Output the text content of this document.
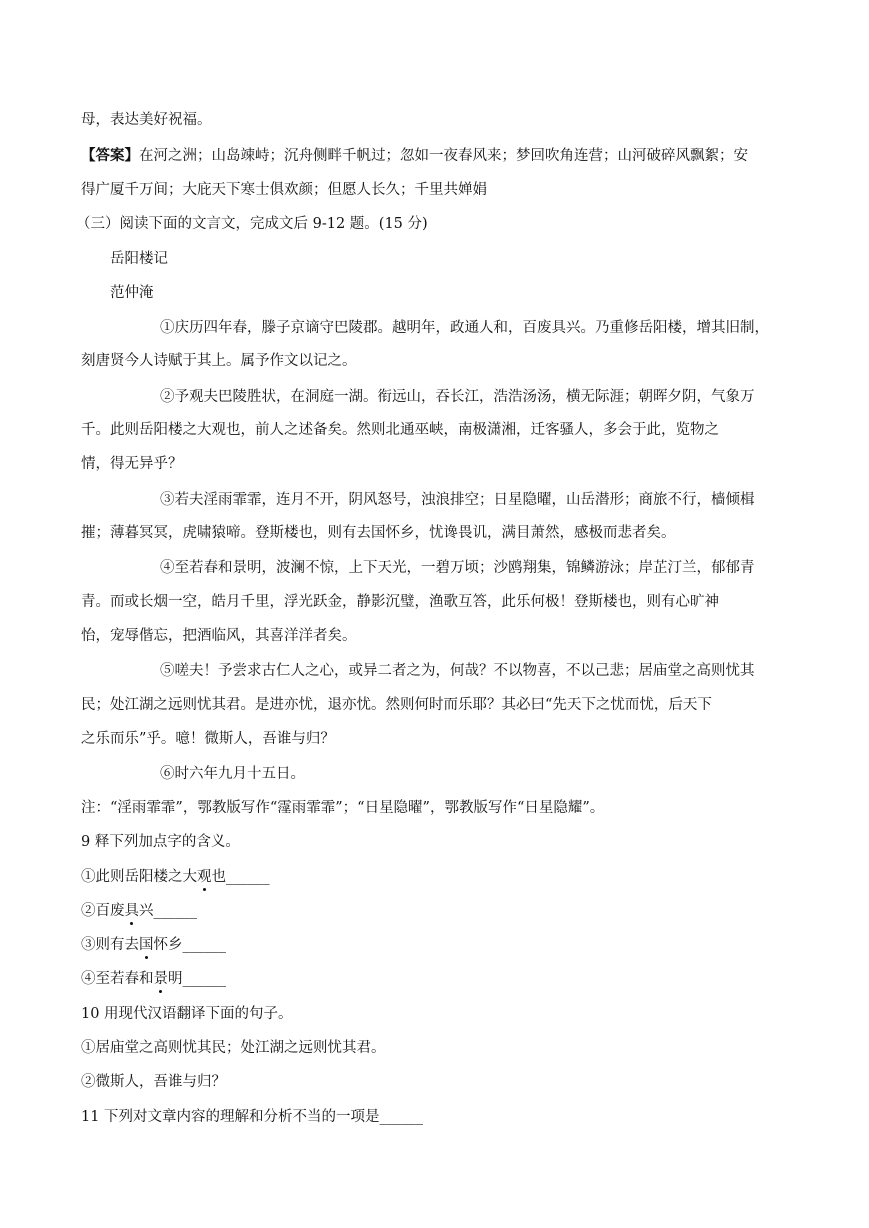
母，表达美好祝福。
【答案】在河之洲；山岛竦峙；沉舟侧畔千帆过；忽如一夜春风来；梦回吹角连营；山河破碎风飘絮；安
得广厦千万间；大庇天下寒士俱欢颜；但愿人长久；千里共婵娟
（三）阅读下面的文言文，完成文后 9-12 题。(15 分)
岳阳楼记
范仲淹
①庆历四年春，滕子京谪守巴陵郡。越明年，政通人和，百废具兴。乃重修岳阳楼，增其旧制，
刻唐贤今人诗赋于其上。属予作文以记之。
②予观夫巴陵胜状，在洞庭一湖。衔远山，吞长江，浩浩汤汤，横无际涯；朝晖夕阴，气象万
千。此则岳阳楼之大观也，前人之述备矣。然则北通巫峡，南极潇湘，迁客骚人，多会于此，览物之
情，得无异乎？
③若夫淫雨霏霏，连月不开，阴风怒号，浊浪排空；日星隐曜，山岳潜形；商旅不行，樯倾楫
摧；薄暮冥冥，虎啸猿啼。登斯楼也，则有去国怀乡，忧谗畏讥，满目萧然，感极而悲者矣。
④至若春和景明，波澜不惊，上下天光，一碧万顷；沙鸥翔集，锦鳞游泳；岸芷汀兰，郁郁青
青。而或长烟一空，皓月千里，浮光跃金，静影沉璧，渔歌互答，此乐何极！登斯楼也，则有心旷神
怡，宠辱偕忘，把酒临风，其喜洋洋者矣。
⑤嗟夫！予尝求古仁人之心，或异二者之为，何哉？不以物喜，不以己悲；居庙堂之高则忧其
民；处江湖之远则忧其君。是进亦忧，退亦忧。然则何时而乐耶？其必曰“先天下之忧而忧，后天下
之乐而乐”乎。噫！微斯人，吾谁与归？
⑥时六年九月十五日。
注：“淫雨霏霏”，鄂教版写作“霪雨霏霏”；“日星隐曜”，鄂教版写作“日星隐耀”。
9 释下列加点字的含义。
①此则岳阳楼之大观也______
②百废具兴______
③则有去国怀乡______
④至若春和景明______
10 用现代汉语翻译下面的句子。
①居庙堂之高则忧其民；处江湖之远则忧其君。
②微斯人，吾谁与归？
11 下列对文章内容的理解和分析不当的一项是______
